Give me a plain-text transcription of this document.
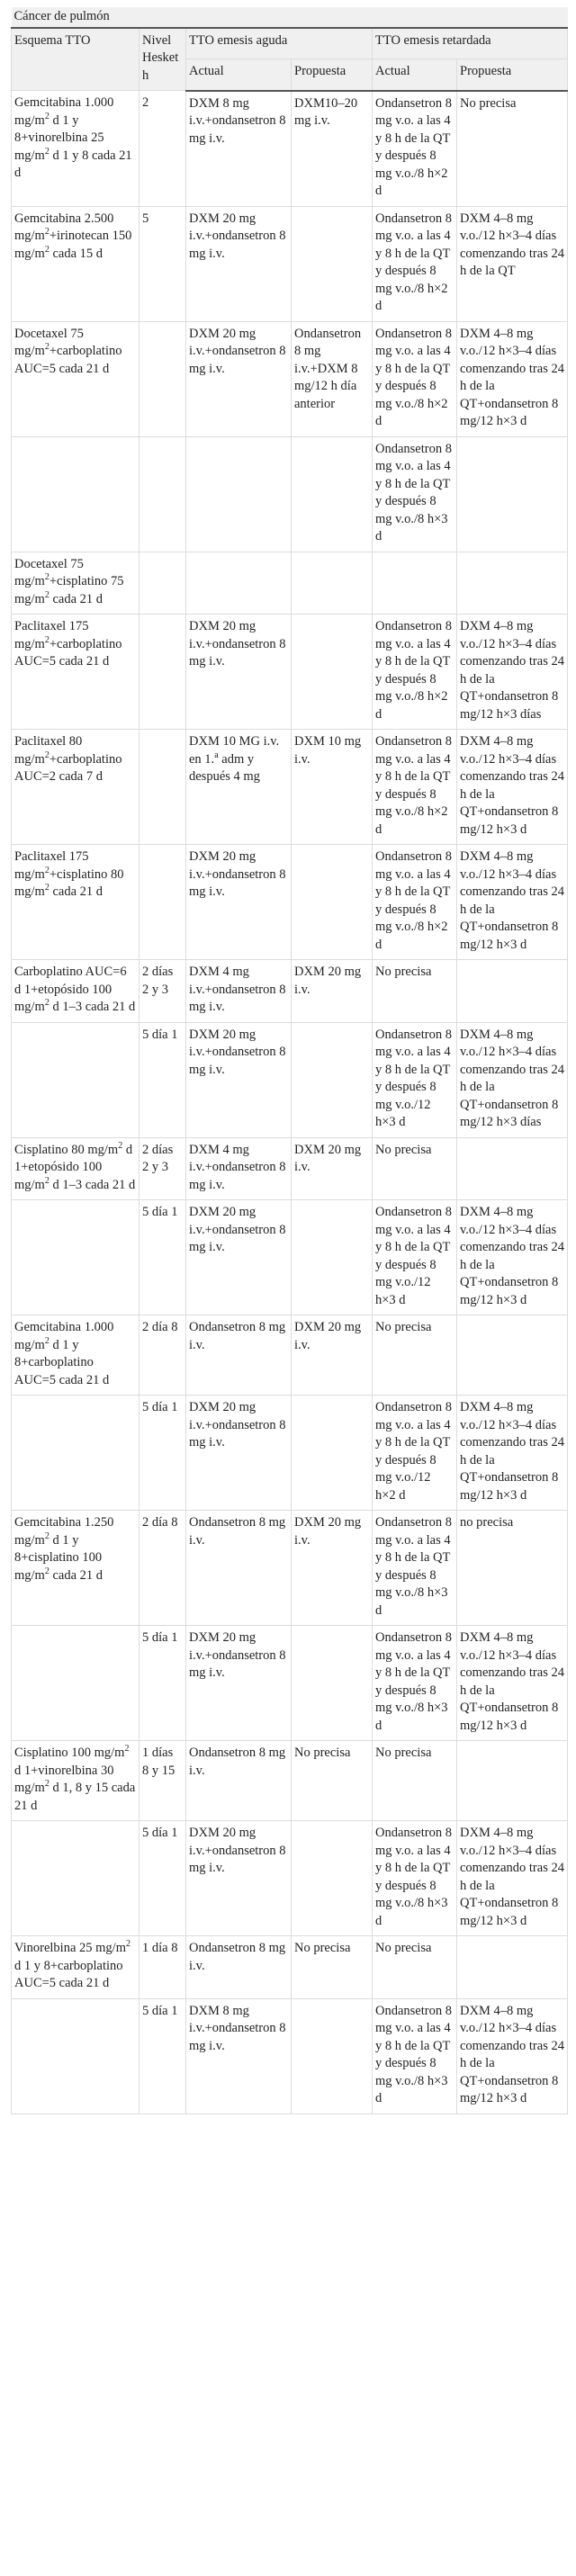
Cáncer de pulmón					
Esquema TTO	Nivel Hesketh	TTO emesis aguda		TTO emesis retardada	
		Actual	Propuesta	Actual	Propuesta
Gemcitabina 1.000 $mg/m^2$ d 1 y 8+vinorelbina 25 $mg/m^2$ d 1 y 8 cada 21 d	2	DXM 8 mg i.v.+ondansetron 8 mg i.v.	DXM10–20 mg i.v.	Ondansetron 8 mg v.o. a las 4 y 8 h de la QT y después 8 mg v.o./8 h×2 d	No precisa
Gemcitabina 2.500 $mg/m^2+irinotecan$ 150 $mg/m^2$ cada 15 d	5	DXM 20 mg i.v.+ondansetron 8 mg i.v.		Ondansetron 8 mg v.o. a las 4 y 8 h de la QT y después 8 mg v.o./8 h×2 d	DXM 4–8 mg v.o./12 h×3–4 días comenzando tras 24 h de la QT
Docetaxel 75 $mg/m^2+carboplatino$ AUC=5 cada 21 d		DXM 20 mg i.v.+ondansetron 8 mg i.v.	Ondansetron 8 mg i.v.+DXM 8 mg/12 h día anterior	Ondansetron 8 mg v.o. a las 4 y 8 h de la QT y después 8 mg v.o./8 h×2 d	DXM 4–8 mg v.o./12 h×3–4 días comenzando tras 24 h de la QT+ondansetron 8 mg/12 h×3 d
				Ondansetron 8 mg v.o. a las 4 y 8 h de la QT y después 8 mg v.o./8 h×3 d	
Docetaxel 75 $mg/m^2+cisplatino$ 75 $mg/m^2$ cada 21 d					
Paclitaxel 175 $mg/m^2+carboplatino$ AUC=5 cada 21 d		DXM 20 mg i.v.+ondansetron 8 mg i.v.		Ondansetron 8 mg v.o. a las 4 y 8 h de la QT y después 8 mg v.o./8 h×2 d	DXM 4–8 mg v.o./12 h×3–4 días comenzando tras 24 h de la QT+ondansetron 8 mg/12 h×3 días
Paclitaxel 80 $mg/m^2+carboplatino$ AUC=2 cada 7 d		DXM 10 MG i.v. en 1.$^a$ adm y después 4 mg	DXM 10 mg i.v.	Ondansetron 8 mg v.o. a las 4 y 8 h de la QT y después 8 mg v.o./8 h×2 d	DXM 4–8 mg v.o./12 h×3–4 días comenzando tras 24 h de la QT+ondansetron 8 mg/12 h×3 d
Paclitaxel 175 $mg/m^2+cisplatino$ 80 $mg/m^2$ cada 21 d		DXM 20 mg i.v.+ondansetron 8 mg i.v.		Ondansetron 8 mg v.o. a las 4 y 8 h de la QT y después 8 mg v.o./8 h×2 d	DXM 4–8 mg v.o./12 h×3–4 días comenzando tras 24 h de la QT+ondansetron 8 mg/12 h×3 d
Carboplatino AUC=6 d 1+etopósido 100 $mg/m^2$ d 1–3 cada 21 d	2 días 2 y 3	DXM 4 mg i.v.+ondansetron 8 mg i.v.	DXM 20 mg i.v.	No precisa	
	5 día 1	DXM 20 mg i.v.+ondansetron 8 mg i.v.		Ondansetron 8 mg v.o. a las 4 y 8 h de la QT y después 8 mg v.o./12 h×3 d	DXM 4–8 mg v.o./12 h×3–4 días comenzando tras 24 h de la QT+ondansetron 8 mg/12 h×3 días
Cisplatino 80 $mg/m^2$ d 1+etopósido 100 $mg/m^2$ d 1–3 cada 21 d	2 días 2 y 3	DXM 4 mg i.v.+ondansetron 8 mg i.v.	DXM 20 mg i.v.	No precisa	
	5 día 1	DXM 20 mg i.v.+ondansetron 8 mg i.v.		Ondansetron 8 mg v.o. a las 4 y 8 h de la QT y después 8 mg v.o./12 h×3 d	DXM 4–8 mg v.o./12 h×3–4 días comenzando tras 24 h de la QT+ondansetron 8 mg/12 h×3 d
Gemcitabina 1.000 $mg/m^2$ d 1 y 8+carboplatino AUC=5 cada 21 d	2 día 8	Ondansetron 8 mg i.v.	DXM 20 mg i.v.	No precisa	
	5 día 1	DXM 20 mg i.v.+ondansetron 8 mg i.v.		Ondansetron 8 mg v.o. a las 4 y 8 h de la QT y después 8 mg v.o./12 h×2 d	DXM 4–8 mg v.o./12 h×3–4 días comenzando tras 24 h de la QT+ondansetron 8 mg/12 h×3 d
Gemcitabina 1.250 $mg/m^2$ d 1 y 8+cisplatino 100 $mg/m^2$ cada 21 d	2 día 8	Ondansetron 8 mg i.v.	DXM 20 mg i.v.	Ondansetron 8 mg v.o. a las 4 y 8 h de la QT y después 8 mg v.o./8 h×3 d	no precisa
	5 día 1	DXM 20 mg i.v.+ondansetron 8 mg i.v.		Ondansetron 8 mg v.o. a las 4 y 8 h de la QT y después 8 mg v.o./8 h×3 d	DXM 4–8 mg v.o./12 h×3–4 días comenzando tras 24 h de la QT+ondansetron 8 mg/12 h×3 d
Cisplatino 100 $mg/m^2$ d 1+vinorelbina 30 $mg/m^2$ d 1, 8 y 15 cada 21 d	1 días 8 y 15	Ondansetron 8 mg i.v.	No precisa	No precisa	
	5 día 1	DXM 20 mg i.v.+ondansetron 8 mg i.v.		Ondansetron 8 mg v.o. a las 4 y 8 h de la QT y después 8 mg v.o./8 h×3 d	DXM 4–8 mg v.o./12 h×3–4 días comenzando tras 24 h de la QT+ondansetron 8 mg/12 h×3 d
Vinorelbina 25 $mg/m^2$ d 1 y 8+carboplatino AUC=5 cada 21 d	1 día 8	Ondansetron 8 mg i.v.	No precisa	No precisa	
	5 día 1	DXM 8 mg i.v.+ondansetron 8 mg i.v.		Ondansetron 8 mg v.o. a las 4 y 8 h de la QT y después 8 mg v.o./8 h×3 d	DXM 4–8 mg v.o./12 h×3–4 días comenzando tras 24 h de la QT+ondansetron 8 mg/12 h×3 d
